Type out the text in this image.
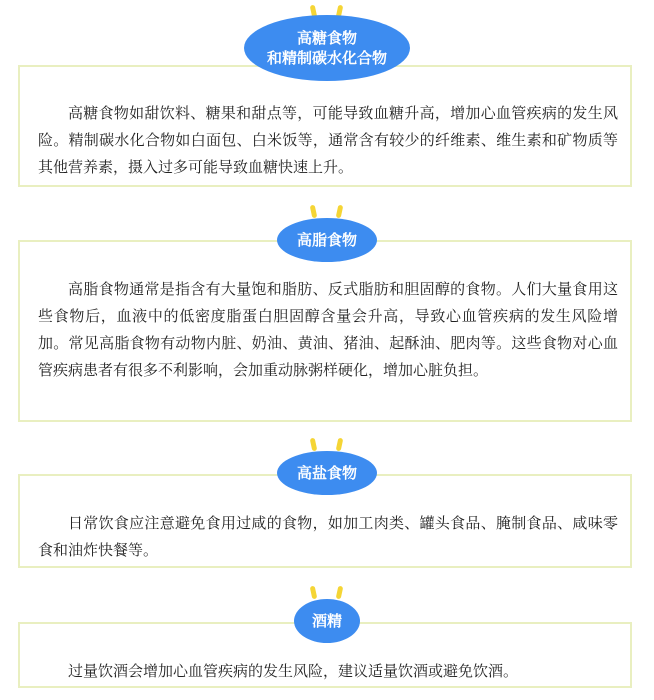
高糖食物如甜饮料、糖果和甜点等，可能导致血糖升高，增加心血管疾病的发生风险。精制碳水化合物如白面包、白米饭等，通常含有较少的纤维素、维生素和矿物质等其他营养素，摄入过多可能导致血糖快速上升。

高糖食物
和精制碳水化合物

高脂食物通常是指含有大量饱和脂肪、反式脂肪和胆固醇的食物。人们大量食用这些食物后，血液中的低密度脂蛋白胆固醇含量会升高，导致心血管疾病的发生风险增加。常见高脂食物有动物内脏、奶油、黄油、猪油、起酥油、肥肉等。这些食物对心血管疾病患者有很多不利影响，会加重动脉粥样硬化，增加心脏负担。

高脂食物

日常饮食应注意避免食用过咸的食物，如加工肉类、罐头食品、腌制食品、咸味零食和油炸快餐等。

高盐食物

过量饮酒会增加心血管疾病的发生风险，建议适量饮酒或避免饮酒。

酒精
